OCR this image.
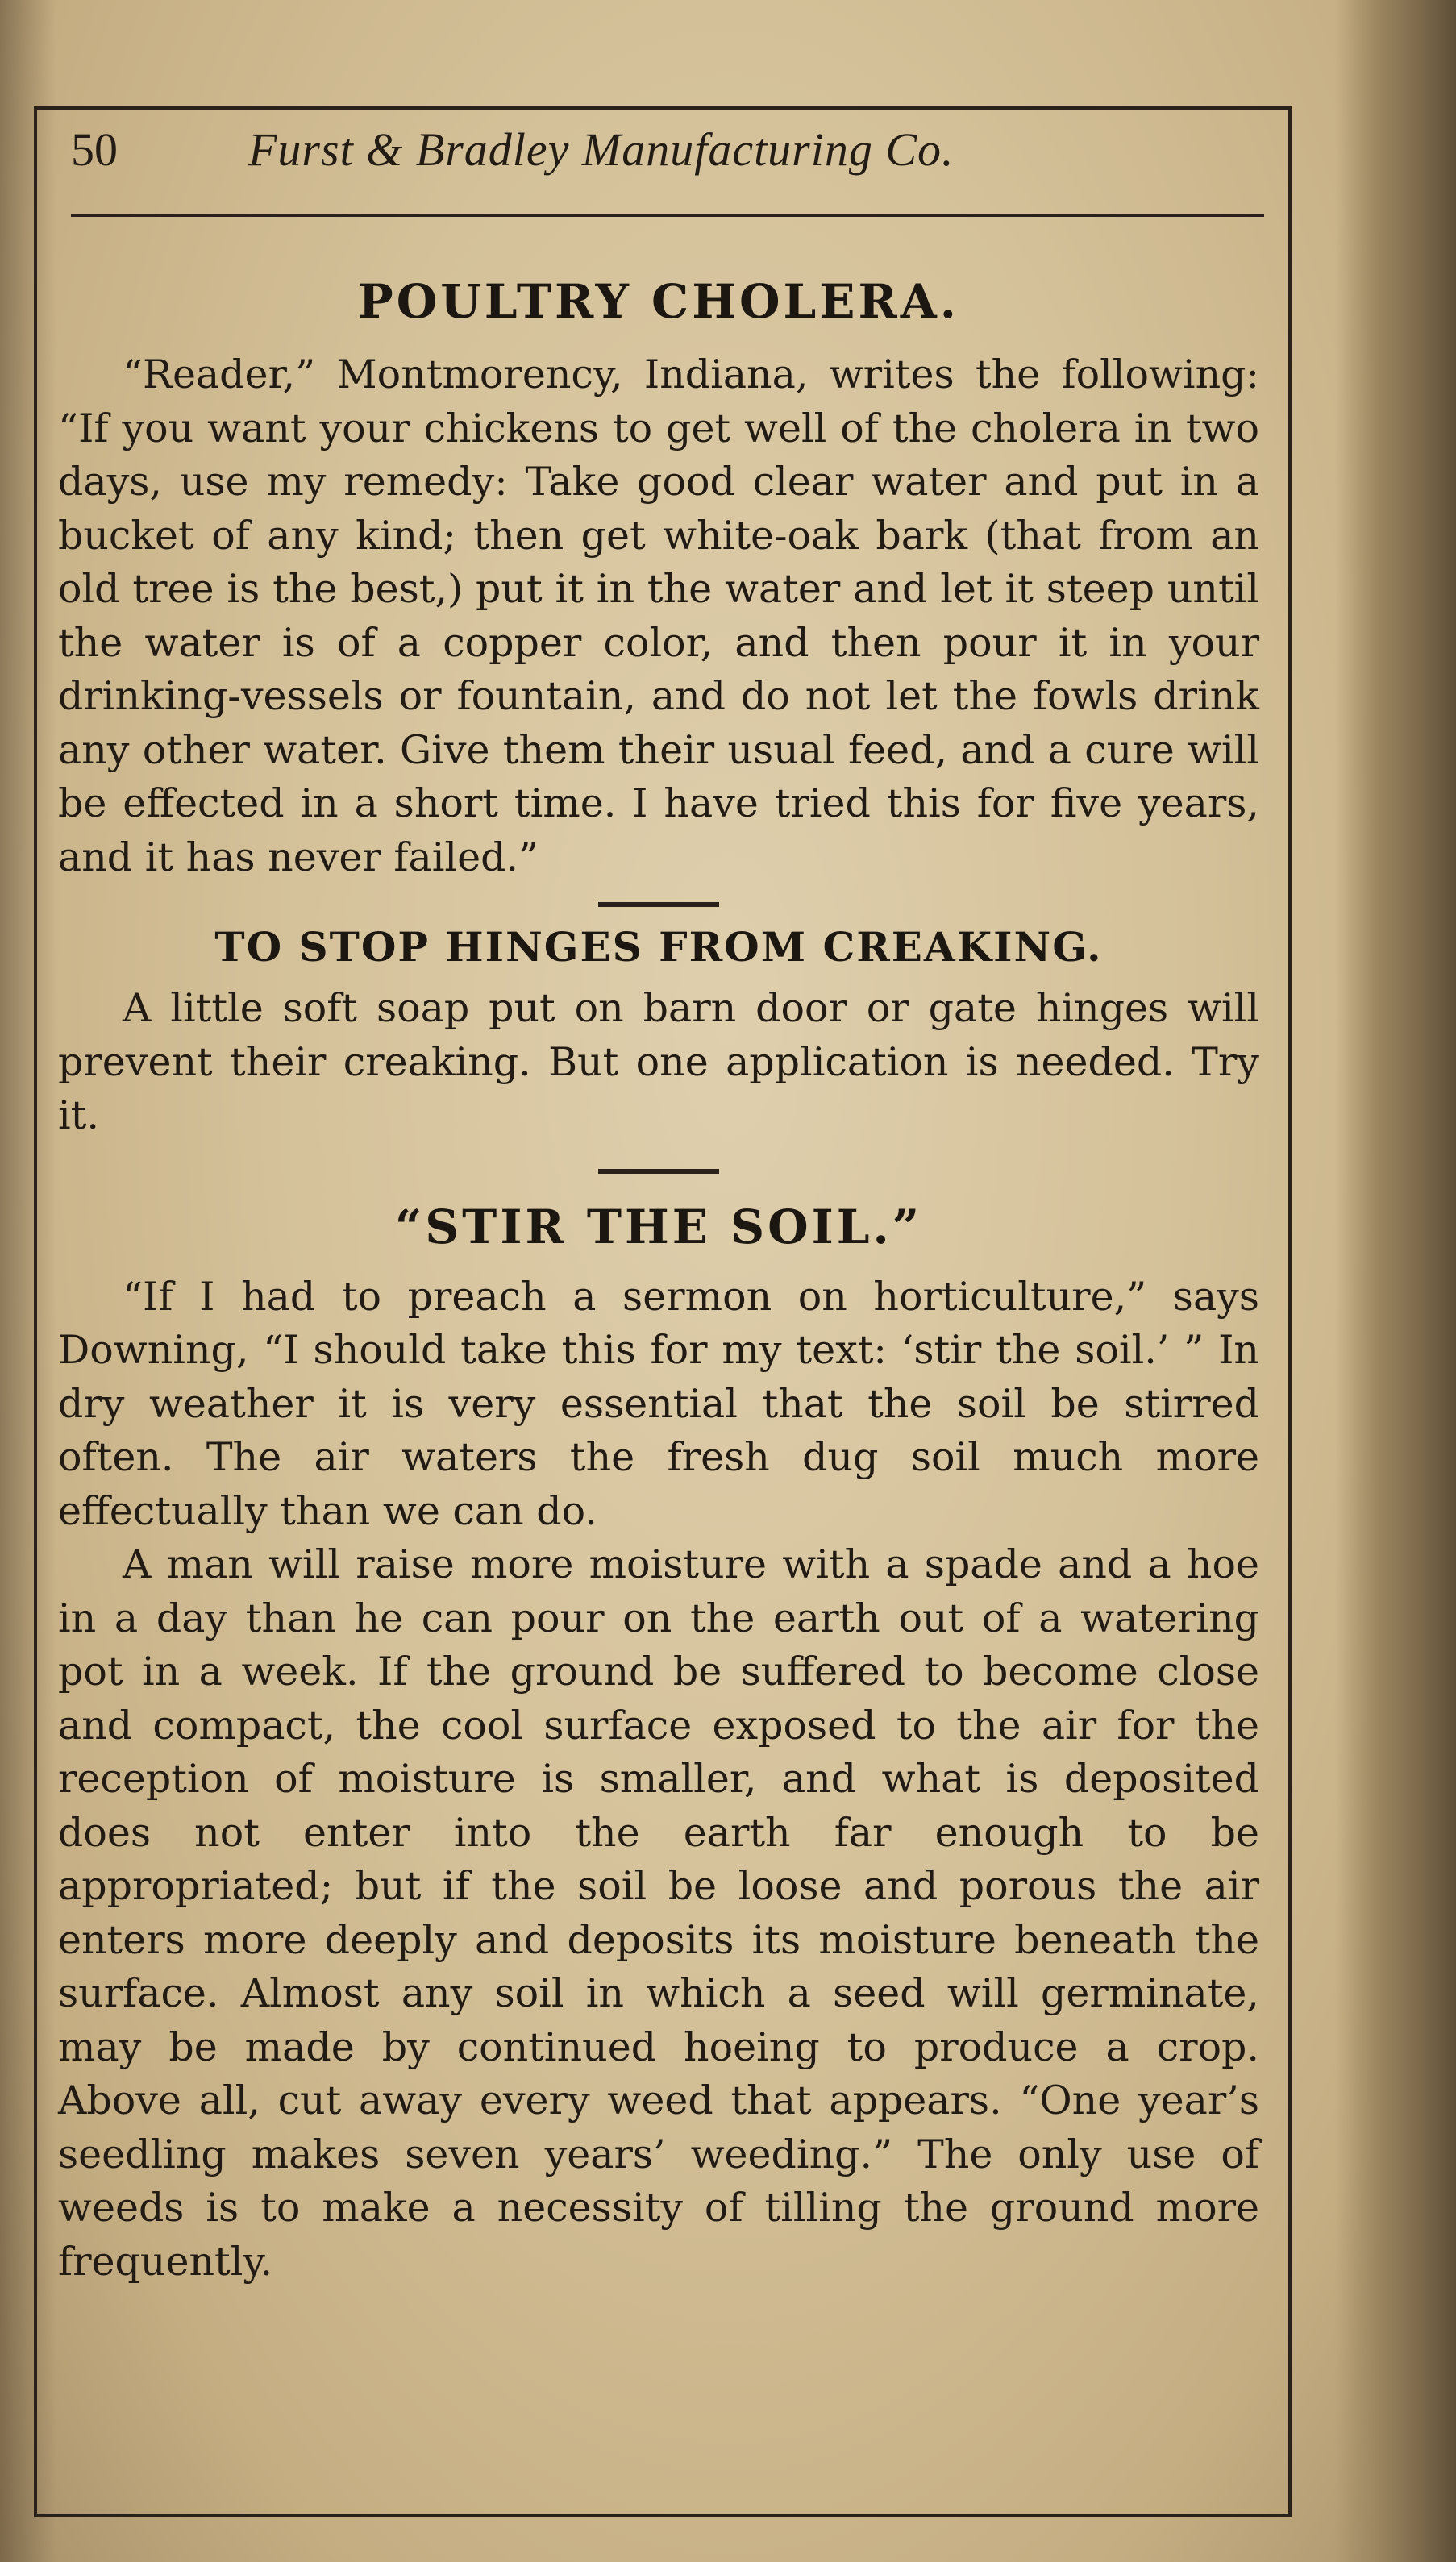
50	Furst & Bradley Manufacturing Co.
POULTRY CHOLERA.

“Reader,” Montmorency, Indiana, writes the following: “If you want your chickens to get well of the cholera in two days, use my remedy: Take good clear water and put in a bucket of any kind; then get white-oak bark (that from an old tree is the best,) put it in the water and let it steep until the water is of a copper color, and then pour it in your drinking-vessels or fountain, and do not let the fowls drink any other water. Give them their usual feed, and a cure will be effected in a short time. I have tried this for five years, and it has never failed.”

TO STOP HINGES FROM CREAKING.

A little soft soap put on barn door or gate hinges will prevent their creaking. But one application is needed. Try it.

“STIR THE SOIL.”

“If I had to preach a sermon on horticulture,” says Downing, “I should take this for my text: ‘stir the soil.’ ” In dry weather it is very essential that the soil be stirred often. The air waters the fresh dug soil much more effectually than we can do.

A man will raise more moisture with a spade and a hoe in a day than he can pour on the earth out of a watering pot in a week. If the ground be suffered to become close and compact, the cool surface exposed to the air for the reception of moisture is smaller, and what is deposited does not enter into the earth far enough to be appropriated; but if the soil be loose and porous the air enters more deeply and deposits its moisture beneath the surface. Almost any soil in which a seed will germinate, may be made by continued hoeing to produce a crop. Above all, cut away every weed that appears. “One year’s seedling makes seven years’ weeding.” The only use of weeds is to make a necessity of tilling the ground more frequently.
